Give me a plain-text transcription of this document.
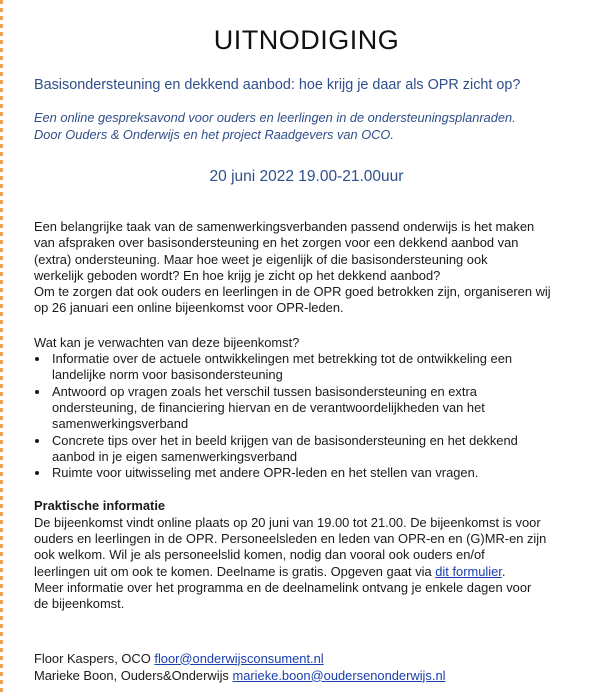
UITNODIGING
Basisondersteuning en dekkend aanbod: hoe krijg je daar als OPR zicht op?
Een online gespreksavond voor ouders en leerlingen in de ondersteuningsplanraden.
Door Ouders & Onderwijs en het project Raadgevers van OCO.
20 juni 2022 19.00-21.00uur
Een belangrijke taak van de samenwerkingsverbanden passend onderwijs is het maken
van afspraken over basisondersteuning en het zorgen voor een dekkend aanbod van
(extra) ondersteuning. Maar hoe weet je eigenlijk of die basisondersteuning ook
werkelijk geboden wordt? En hoe krijg je zicht op het dekkend aanbod?
Om te zorgen dat ook ouders en leerlingen in de OPR goed betrokken zijn, organiseren wij
op 26 januari een online bijeenkomst voor OPR-leden.
Wat kan je verwachten van deze bijeenkomst?
• Informatie over de actuele ontwikkelingen met betrekking tot de ontwikkeling een
landelijke norm voor basisondersteuning
• Antwoord op vragen zoals het verschil tussen basisondersteuning en extra
ondersteuning, de financiering hiervan en de verantwoordelijkheden van het
samenwerkingsverband
• Concrete tips over het in beeld krijgen van de basisondersteuning en het dekkend
aanbod in je eigen samenwerkingsverband
• Ruimte voor uitwisseling met andere OPR-leden en het stellen van vragen.
Praktische informatie
De bijeenkomst vindt online plaats op 20 juni van 19.00 tot 21.00. De bijeenkomst is voor
ouders en leerlingen in de OPR. Personeelsleden en leden van OPR-en en (G)MR-en zijn
ook welkom. Wil je als personeelslid komen, nodig dan vooral ook ouders en/of
leerlingen uit om ook te komen. Deelname is gratis. Opgeven gaat via dit formulier.
Meer informatie over het programma en de deelnamelink ontvang je enkele dagen voor
de bijeenkomst.
Floor Kaspers, OCO floor@onderwijsconsument.nl
Marieke Boon, Ouders&Onderwijs marieke.boon@oudersenonderwijs.nl
